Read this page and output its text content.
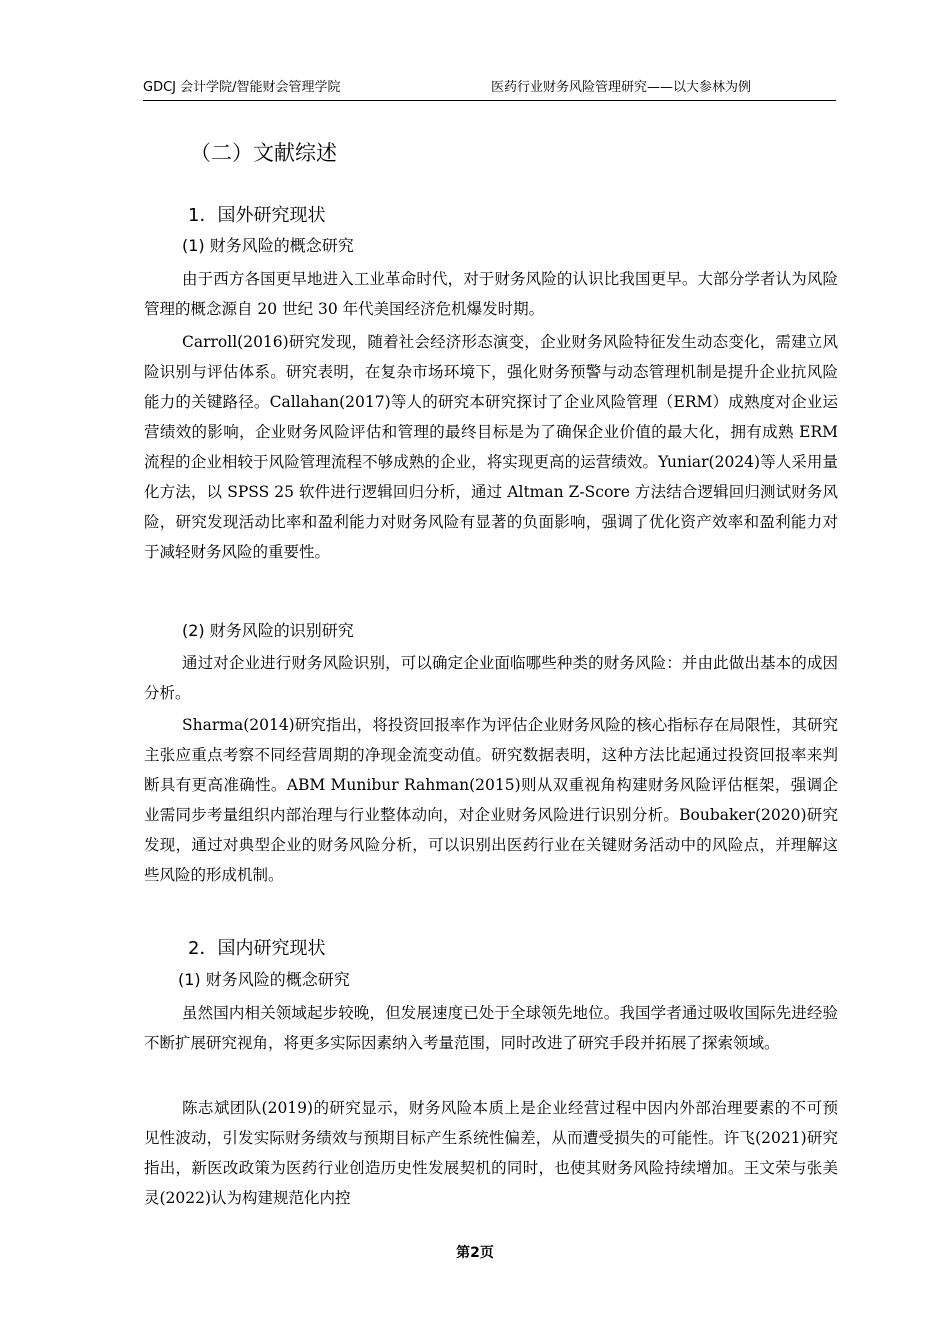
GDCJ 会计学院/智能财会管理学院	医药行业财务风险管理研究——以大参林为例
（二）文献综述
1．国外研究现状
(1) 财务风险的概念研究

由于西方各国更早地进入工业革命时代，对于财务风险的认识比我国更早。大部分学者认为风险管理的概念源自 20 世纪 30 年代美国经济危机爆发时期。

Carroll(2016)研究发现，随着社会经济形态演变，企业财务风险特征发生动态变化，需建立风险识别与评估体系。研究表明，在复杂市场环境下，强化财务预警与动态管理机制是提升企业抗风险能力的关键路径。Callahan(2017)等人的研究本研究探讨了企业风险管理（ERM）成熟度对企业运营绩效的影响，企业财务风险评估和管理的最终目标是为了确保企业价值的最大化，拥有成熟 ERM 流程的企业相较于风险管理流程不够成熟的企业，将实现更高的运营绩效。Yuniar(2024)等人采用量化方法，以 SPSS 25 软件进行逻辑回归分析，通过 Altman Z-Score 方法结合逻辑回归测试财务风险，研究发现活动比率和盈利能力对财务风险有显著的负面影响，强调了优化资产效率和盈利能力对于减轻财务风险的重要性。

(2) 财务风险的识别研究

通过对企业进行财务风险识别，可以确定企业面临哪些种类的财务风险：并由此做出基本的成因分析。

Sharma(2014)研究指出，将投资回报率作为评估企业财务风险的核心指标存在局限性，其研究主张应重点考察不同经营周期的净现金流变动值。研究数据表明，这种方法比起通过投资回报率来判断具有更高准确性。ABM Munibur Rahman(2015)则从双重视角构建财务风险评估框架，强调企业需同步考量组织内部治理与行业整体动向，对企业财务风险进行识别分析。Boubaker(2020)研究发现，通过对典型企业的财务风险分析，可以识别出医药行业在关键财务活动中的风险点，并理解这些风险的形成机制。

2．国内研究现状
(1) 财务风险的概念研究

虽然国内相关领域起步较晚，但发展速度已处于全球领先地位。我国学者通过吸收国际先进经验不断扩展研究视角，将更多实际因素纳入考量范围，同时改进了研究手段并拓展了探索领域。

陈志斌团队(2019)的研究显示，财务风险本质上是企业经营过程中因内外部治理要素的不可预见性波动，引发实际财务绩效与预期目标产生系统性偏差，从而遭受损失的可能性。许飞(2021)研究指出，新医改政策为医药行业创造历史性发展契机的同时，也使其财务风险持续增加。王文荣与张美灵(2022)认为构建规范化内控

第2页
